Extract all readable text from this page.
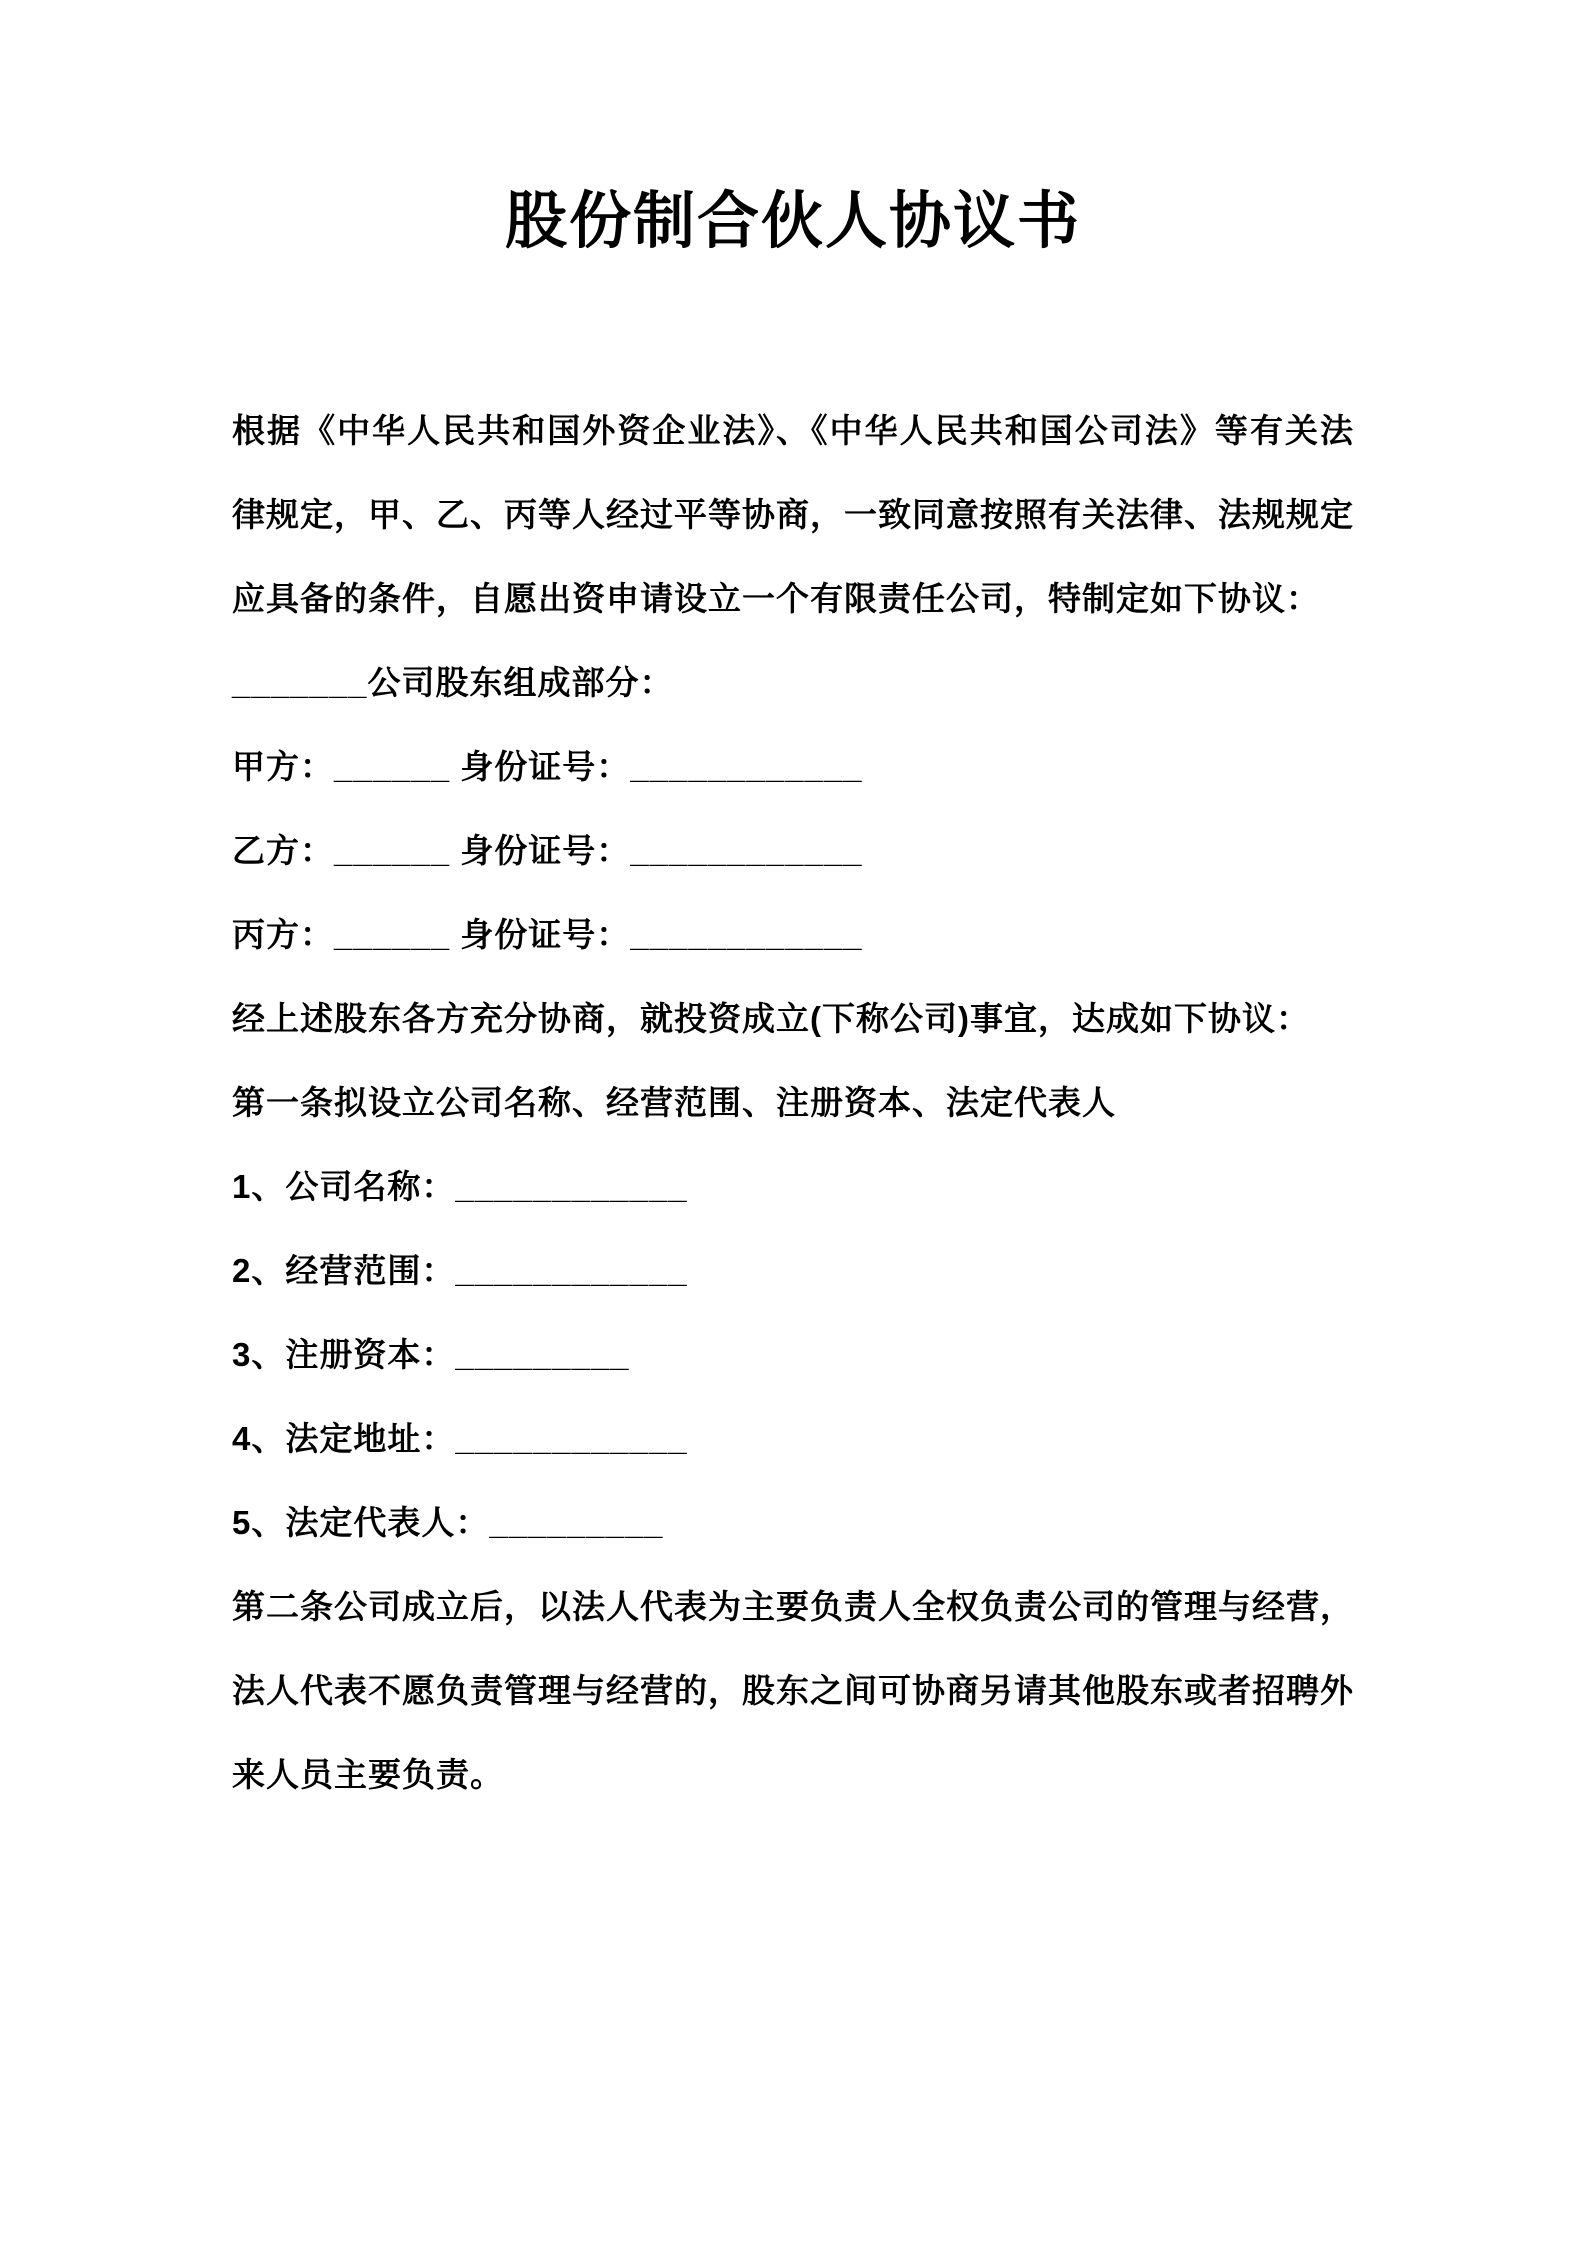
股份制合伙人协议书

根据《中华人民共和国外资企业法》、《中华人民共和国公司法》等有关法律规定，甲、乙、丙等人经过平等协商，一致同意按照有关法律、法规规定应具备的条件，自愿出资申请设立一个有限责任公司，特制定如下协议：

_______公司股东组成部分：

甲方：______ 身份证号：____________

乙方：______ 身份证号：____________

丙方：______ 身份证号：____________

经上述股东各方充分协商，就投资成立(下称公司)事宜，达成如下协议：

第一条拟设立公司名称、经营范围、注册资本、法定代表人

1、公司名称：____________

2、经营范围：____________

3、注册资本：_________

4、法定地址：____________

5、法定代表人：_________

第二条公司成立后，以法人代表为主要负责人全权负责公司的管理与经营，法人代表不愿负责管理与经营的，股东之间可协商另请其他股东或者招聘外来人员主要负责。
